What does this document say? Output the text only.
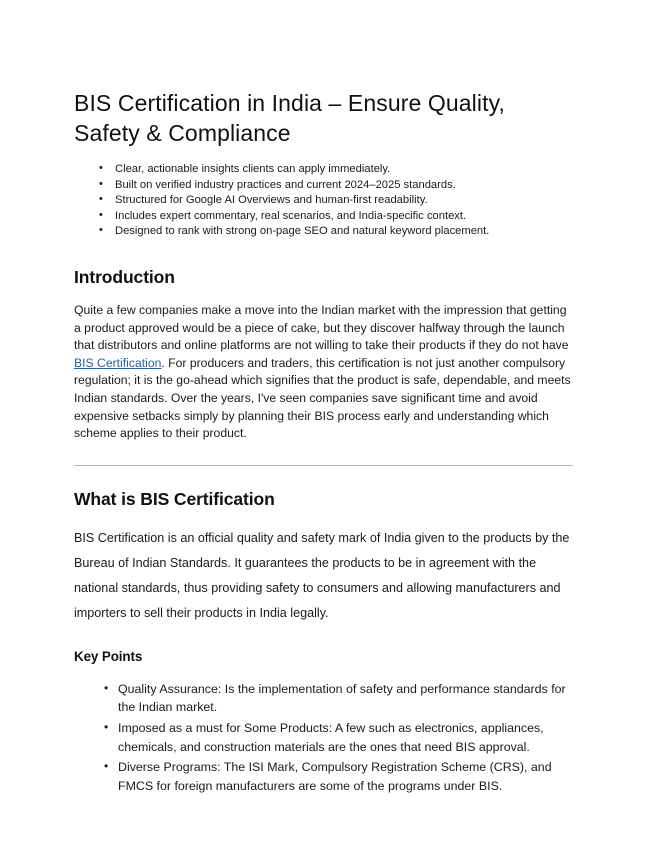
BIS Certification in India – Ensure Quality, Safety & Compliance
• Clear, actionable insights clients can apply immediately.
• Built on verified industry practices and current 2024–2025 standards.
• Structured for Google AI Overviews and human-first readability.
• Includes expert commentary, real scenarios, and India-specific context.
• Designed to rank with strong on-page SEO and natural keyword placement.
Introduction

Quite a few companies make a move into the Indian market with the impression that getting a product approved would be a piece of cake, but they discover halfway through the launch that distributors and online platforms are not willing to take their products if they do not have BIS Certification. For producers and traders, this certification is not just another compulsory regulation; it is the go-ahead which signifies that the product is safe, dependable, and meets Indian standards. Over the years, I've seen companies save significant time and avoid expensive setbacks simply by planning their BIS process early and understanding which scheme applies to their product.

What is BIS Certification

BIS Certification is an official quality and safety mark of India given to the products by the Bureau of Indian Standards. It guarantees the products to be in agreement with the national standards, thus providing safety to consumers and allowing manufacturers and importers to sell their products in India legally.

Key Points
• Quality Assurance: Is the implementation of safety and performance standards for the Indian market.
• Imposed as a must for Some Products: A few such as electronics, appliances, chemicals, and construction materials are the ones that need BIS approval.
• Diverse Programs: The ISI Mark, Compulsory Registration Scheme (CRS), and FMCS for foreign manufacturers are some of the programs under BIS.
